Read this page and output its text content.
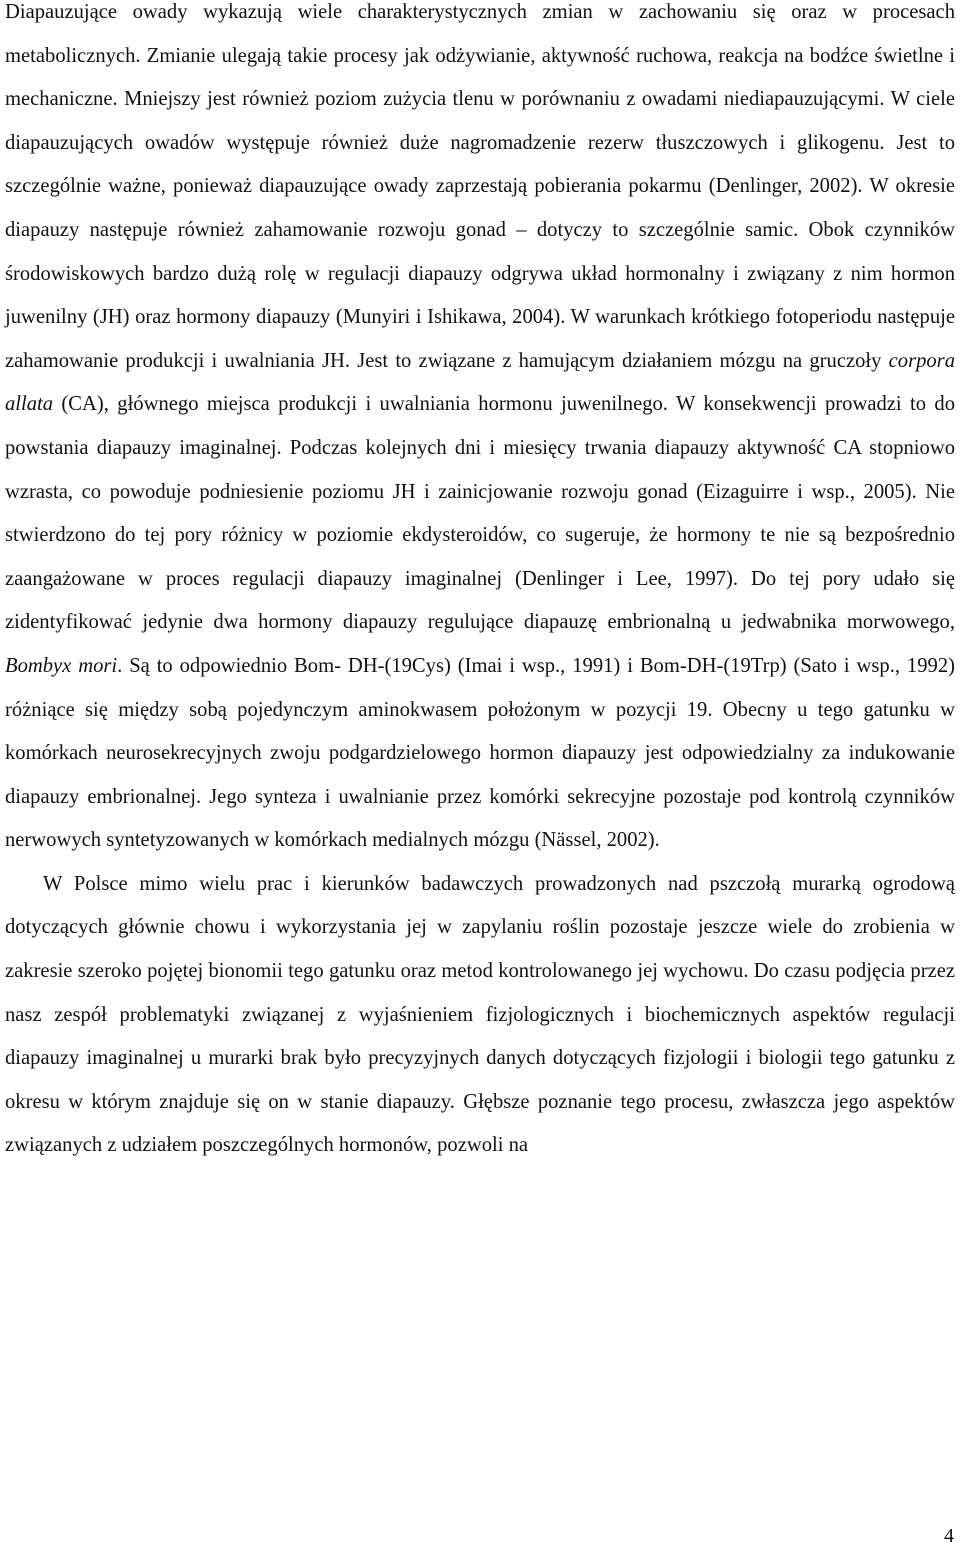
Diapauzujące owady wykazują wiele charakterystycznych zmian w zachowaniu się oraz w procesach metabolicznych. Zmianie ulegają takie procesy jak odżywianie, aktywność ruchowa, reakcja na bodźce świetlne i mechaniczne. Mniejszy jest również poziom zużycia tlenu w porównaniu z owadami niediapauzującymi. W ciele diapauzujących owadów występuje również duże nagromadzenie rezerw tłuszczowych i glikogenu. Jest to szczególnie ważne, ponieważ diapauzujące owady zaprzestają pobierania pokarmu (Denlinger, 2002). W okresie diapauzy następuje również zahamowanie rozwoju gonad – dotyczy to szczególnie samic. Obok czynników środowiskowych bardzo dużą rolę w regulacji diapauzy odgrywa układ hormonalny i związany z nim hormon juwenilny (JH) oraz hormony diapauzy (Munyiri i Ishikawa, 2004). W warunkach krótkiego fotoperiodu następuje zahamowanie produkcji i uwalniania JH. Jest to związane z hamującym działaniem mózgu na gruczoły corpora allata (CA), głównego miejsca produkcji i uwalniania hormonu juwenilnego. W konsekwencji prowadzi to do powstania diapauzy imaginalnej. Podczas kolejnych dni i miesięcy trwania diapauzy aktywność CA stopniowo wzrasta, co powoduje podniesienie poziomu JH i zainicjowanie rozwoju gonad (Eizaguirre i wsp., 2005). Nie stwierdzono do tej pory różnicy w poziomie ekdysteroidów, co sugeruje, że hormony te nie są bezpośrednio zaangażowane w proces regulacji diapauzy imaginalnej (Denlinger i Lee, 1997). Do tej pory udało się zidentyfikować jedynie dwa hormony diapauzy regulujące diapauzę embrionalną u jedwabnika morwowego, Bombyx mori. Są to odpowiednio Bom- DH-(19Cys) (Imai i wsp., 1991) i Bom-DH-(19Trp) (Sato i wsp., 1992) różniące się między sobą pojedynczym aminokwasem położonym w pozycji 19. Obecny u tego gatunku w komórkach neurosekrecyjnych zwoju podgardzielowego hormon diapauzy jest odpowiedzialny za indukowanie diapauzy embrionalnej. Jego synteza i uwalnianie przez komórki sekrecyjne pozostaje pod kontrolą czynników nerwowych syntetyzowanych w komórkach medialnych mózgu (Nässel, 2002).

W Polsce mimo wielu prac i kierunków badawczych prowadzonych nad pszczołą murarką ogrodową dotyczących głównie chowu i wykorzystania jej w zapylaniu roślin pozostaje jeszcze wiele do zrobienia w zakresie szeroko pojętej bionomii tego gatunku oraz metod kontrolowanego jej wychowu. Do czasu podjęcia przez nasz zespół problematyki związanej z wyjaśnieniem fizjologicznych i biochemicznych aspektów regulacji diapauzy imaginalnej u murarki brak było precyzyjnych danych dotyczących fizjologii i biologii tego gatunku z okresu w którym znajduje się on w stanie diapauzy. Głębsze poznanie tego procesu, zwłaszcza jego aspektów związanych z udziałem poszczególnych hormonów, pozwoli na

4
